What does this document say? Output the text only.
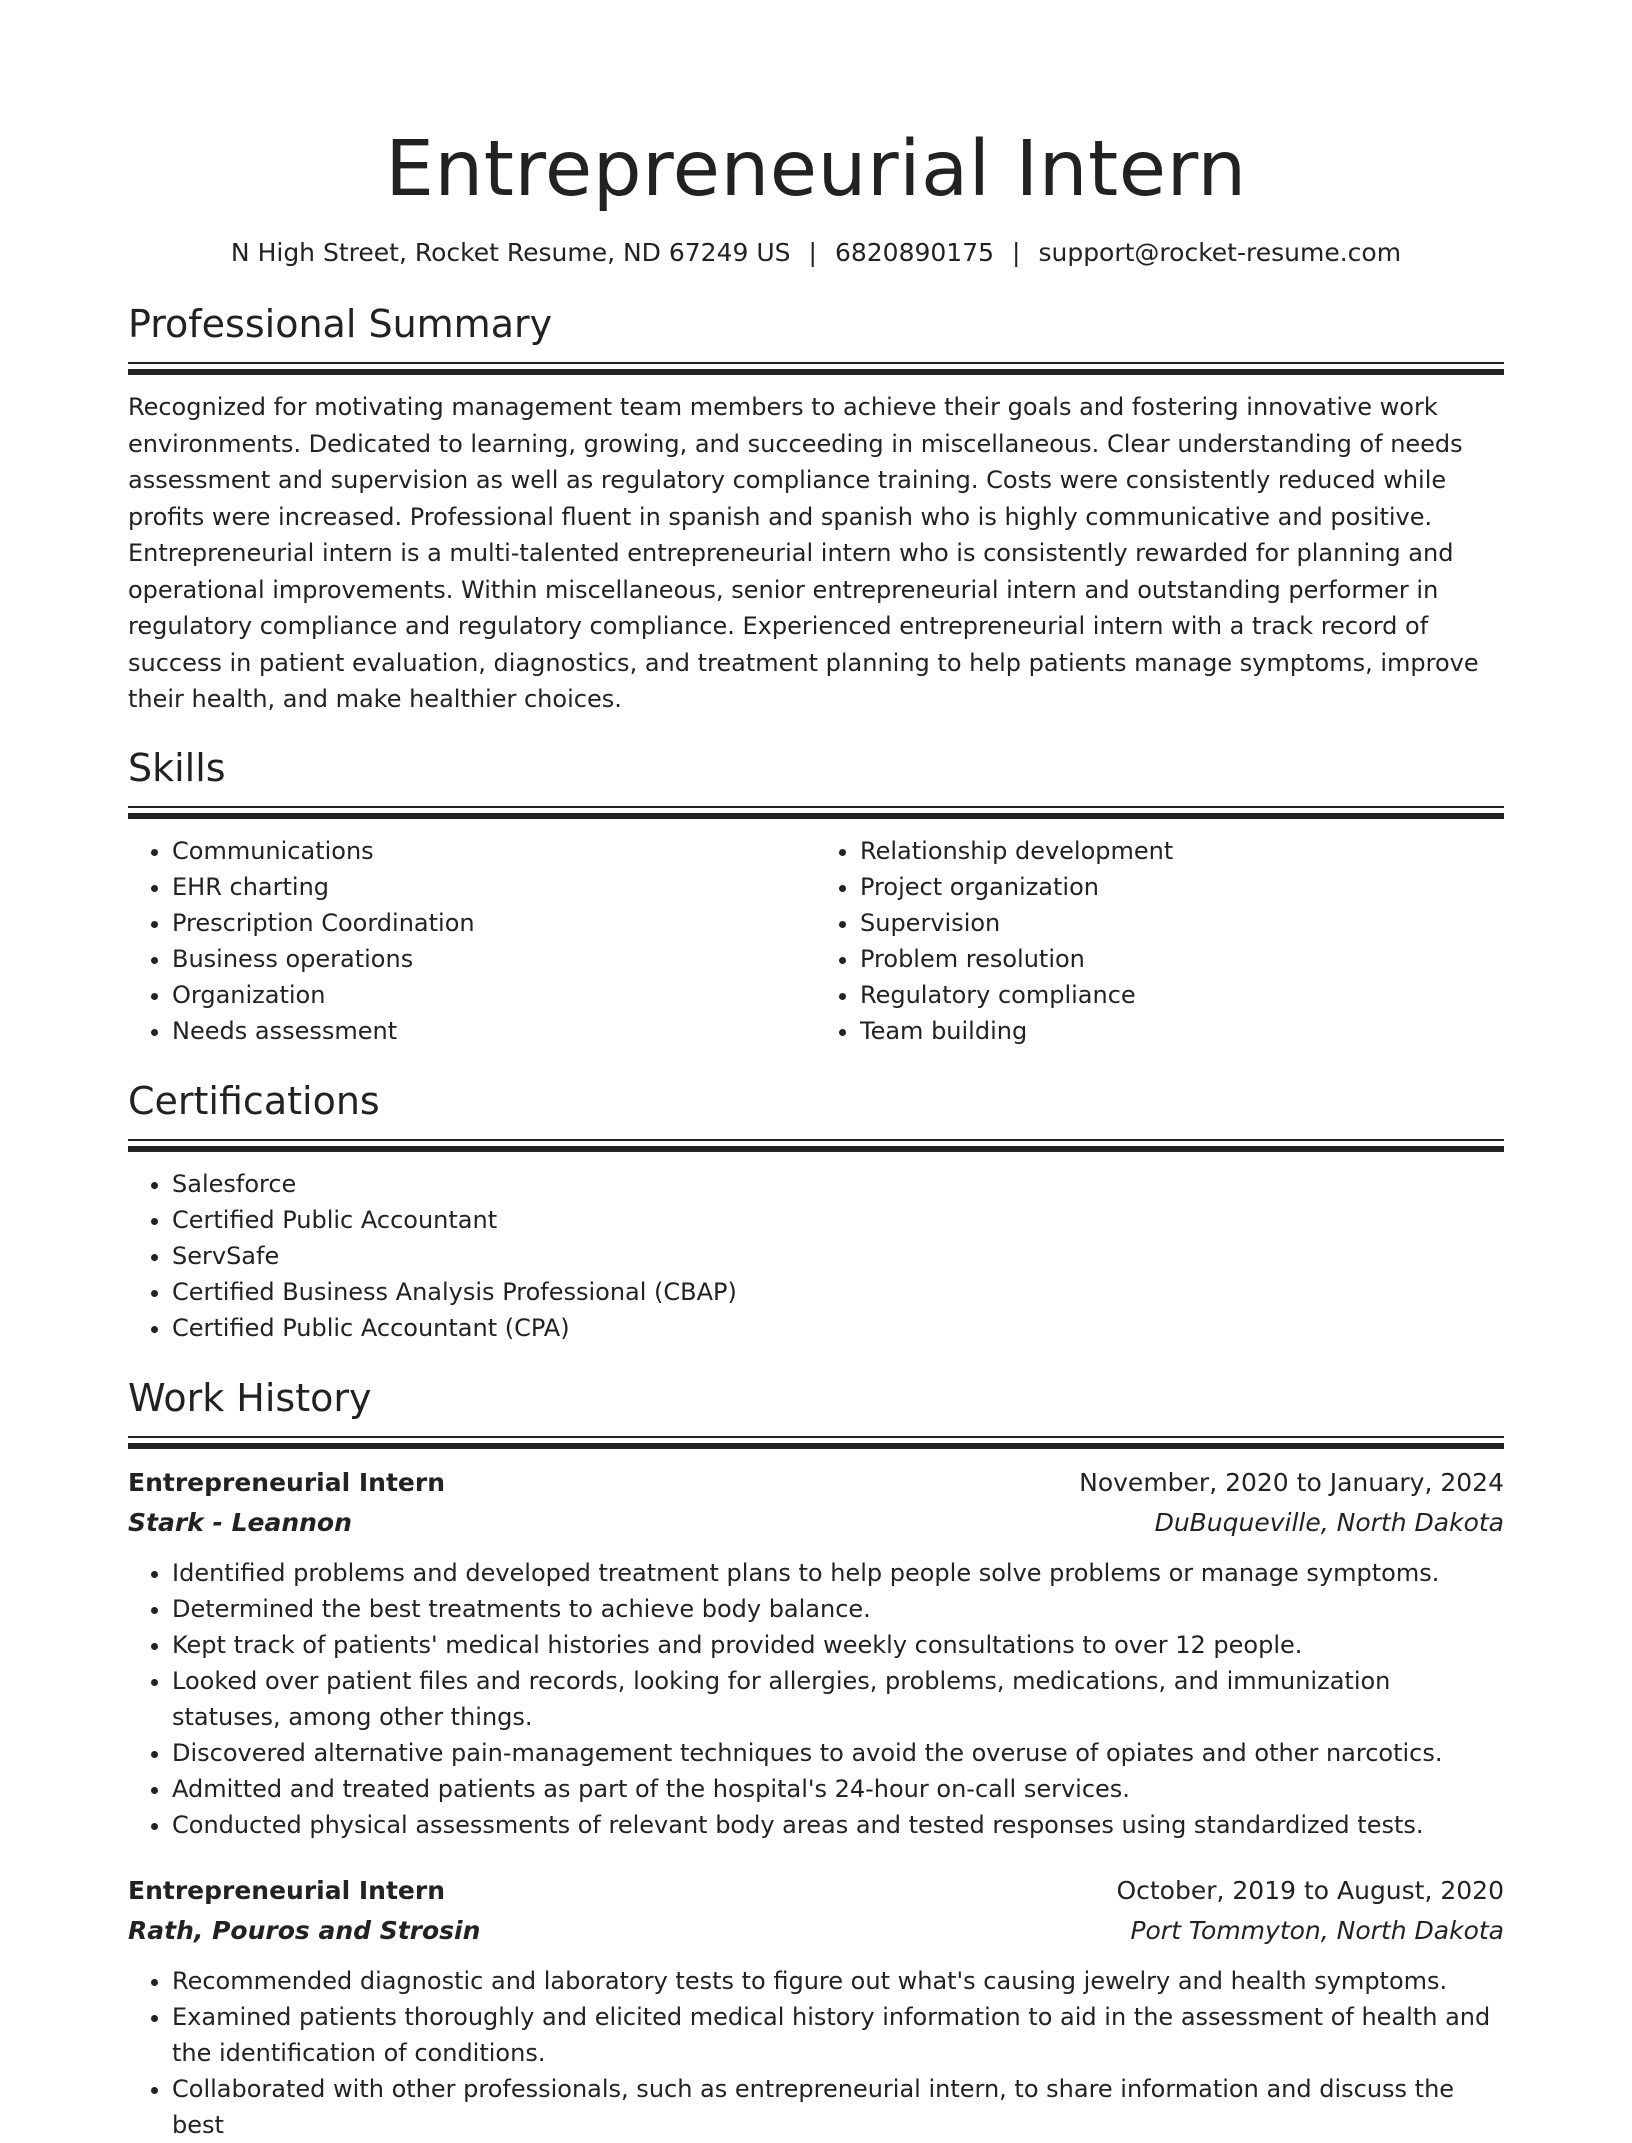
Entrepreneurial Intern
N High Street, Rocket Resume, ND 67249 US | 6820890175 | support@rocket-resume.com
Professional Summary

Recognized for motivating management team members to achieve their goals and fostering innovative work environments. Dedicated to learning, growing, and succeeding in miscellaneous. Clear understanding of needs assessment and supervision as well as regulatory compliance training. Costs were consistently reduced while profits were increased. Professional fluent in spanish and spanish who is highly communicative and positive. Entrepreneurial intern is a multi-talented entrepreneurial intern who is consistently rewarded for planning and operational improvements. Within miscellaneous, senior entrepreneurial intern and outstanding performer in regulatory compliance and regulatory compliance. Experienced entrepreneurial intern with a track record of success in patient evaluation, diagnostics, and treatment planning to help patients manage symptoms, improve their health, and make healthier choices.

Skills
• Communications
• EHR charting
• Prescription Coordination
• Business operations
• Organization
• Needs assessment
• Relationship development
• Project organization
• Supervision
• Problem resolution
• Regulatory compliance
• Team building
Certifications
• Salesforce
• Certified Public Accountant
• ServSafe
• Certified Business Analysis Professional (CBAP)
• Certified Public Accountant (CPA)
Work History
Entrepreneurial Intern	November, 2020 to January, 2024
Stark - Leannon	DuBuqueville, North Dakota
• Identified problems and developed treatment plans to help people solve problems or manage symptoms.
• Determined the best treatments to achieve body balance.
• Kept track of patients' medical histories and provided weekly consultations to over 12 people.
• Looked over patient files and records, looking for allergies, problems, medications, and immunization statuses, among other things.
• Discovered alternative pain-management techniques to avoid the overuse of opiates and other narcotics.
• Admitted and treated patients as part of the hospital's 24-hour on-call services.
• Conducted physical assessments of relevant body areas and tested responses using standardized tests.
Entrepreneurial Intern	October, 2019 to August, 2020
Rath, Pouros and Strosin	Port Tommyton, North Dakota
• Recommended diagnostic and laboratory tests to figure out what's causing jewelry and health symptoms.
• Examined patients thoroughly and elicited medical history information to aid in the assessment of health and the identification of conditions.
• Collaborated with other professionals, such as entrepreneurial intern, to share information and discuss the best
